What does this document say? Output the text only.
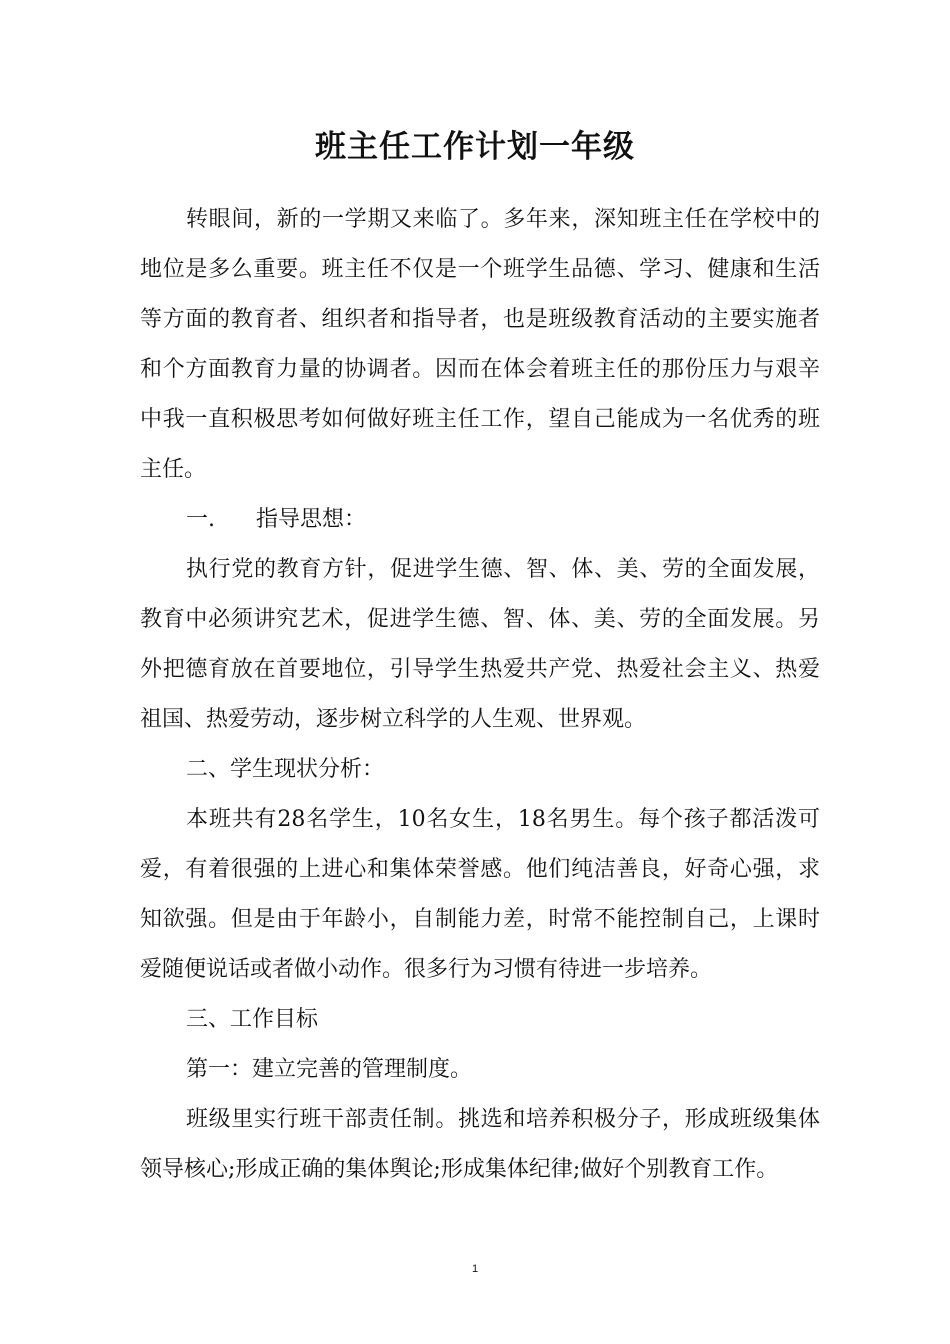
班主任工作计划一年级

转眼间，新的一学期又来临了。多年来，深知班主任在学校中的地位是多么重要。班主任不仅是一个班学生品德、学习、健康和生活等方面的教育者、组织者和指导者，也是班级教育活动的主要实施者和个方面教育力量的协调者。因而在体会着班主任的那份压力与艰辛中我一直积极思考如何做好班主任工作，望自己能成为一名优秀的班主任。

一. 指导思想：

执行党的教育方针，促进学生德、智、体、美、劳的全面发展，教育中必须讲究艺术，促进学生德、智、体、美、劳的全面发展。另外把德育放在首要地位，引导学生热爱共产党、热爱社会主义、热爱祖国、热爱劳动，逐步树立科学的人生观、世界观。

二、学生现状分析：

本班共有28名学生，10名女生，18名男生。每个孩子都活泼可爱，有着很强的上进心和集体荣誉感。他们纯洁善良，好奇心强，求知欲强。但是由于年龄小，自制能力差，时常不能控制自己，上课时爱随便说话或者做小动作。很多行为习惯有待进一步培养。

三、工作目标

第一：建立完善的管理制度。

班级里实行班干部责任制。挑选和培养积极分子，形成班级集体领导核心;形成正确的集体舆论;形成集体纪律;做好个别教育工作。

1
